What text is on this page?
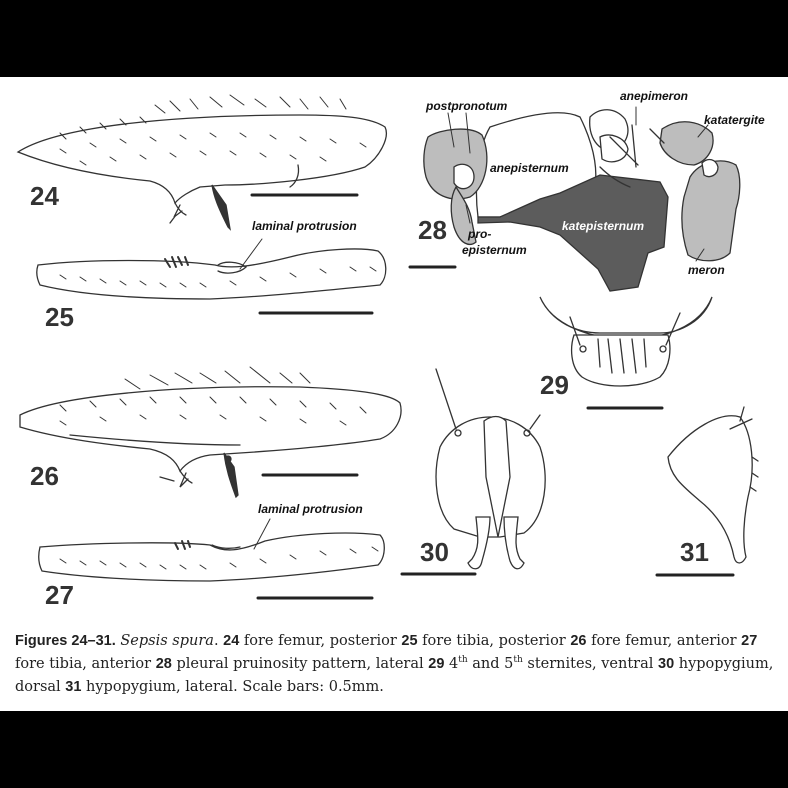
24
25
26
27
28
29
30	31
laminal protrusion
laminal protrusion
postpronotum
anepimeron
katatergite
anepisternum
katepisternum
pro-
episternum
meron
Figures 24–31. Sepsis spura. 24 fore femur, posterior 25 fore tibia, posterior 26 fore femur, anterior 27 fore tibia, anterior 28 pleural pruinosity pattern, lateral 29 4th and 5th sternites, ventral 30 hypopygium, dorsal 31 hypopygium, lateral. Scale bars: 0.5mm.
